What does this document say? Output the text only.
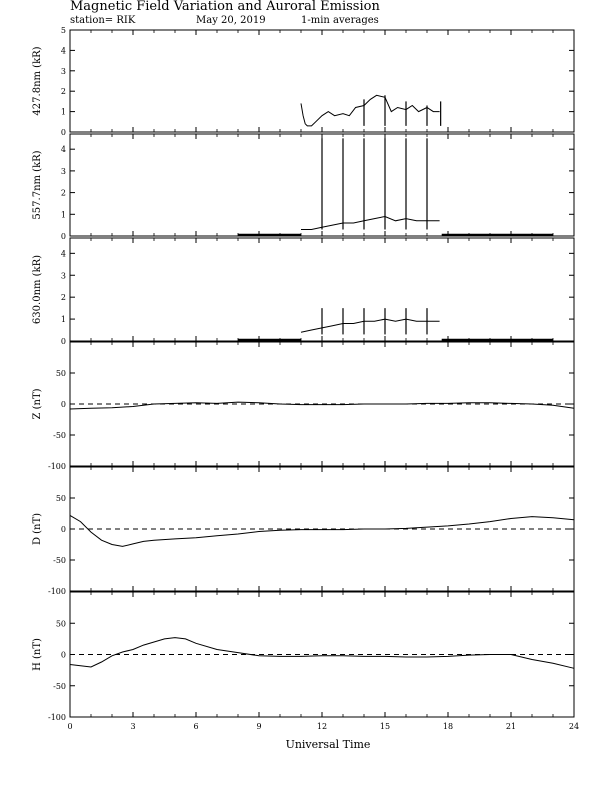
Magnetic Field Variation and Auroral Emission
station= RIK	May 20, 2019	1-min averages
0
1
2
3
4
5
427.8nm (kR)
0
1
2
3
4
557.7nm (kR)
0
1
2
3
4
630.0nm (kR)
-100
-50
0
50
Z (nT)
-100
-50
0
50
D (nT)
-100
-50
0
50
H (nT)
0	3	6	9	12	15	18	21	24
Universal Time
